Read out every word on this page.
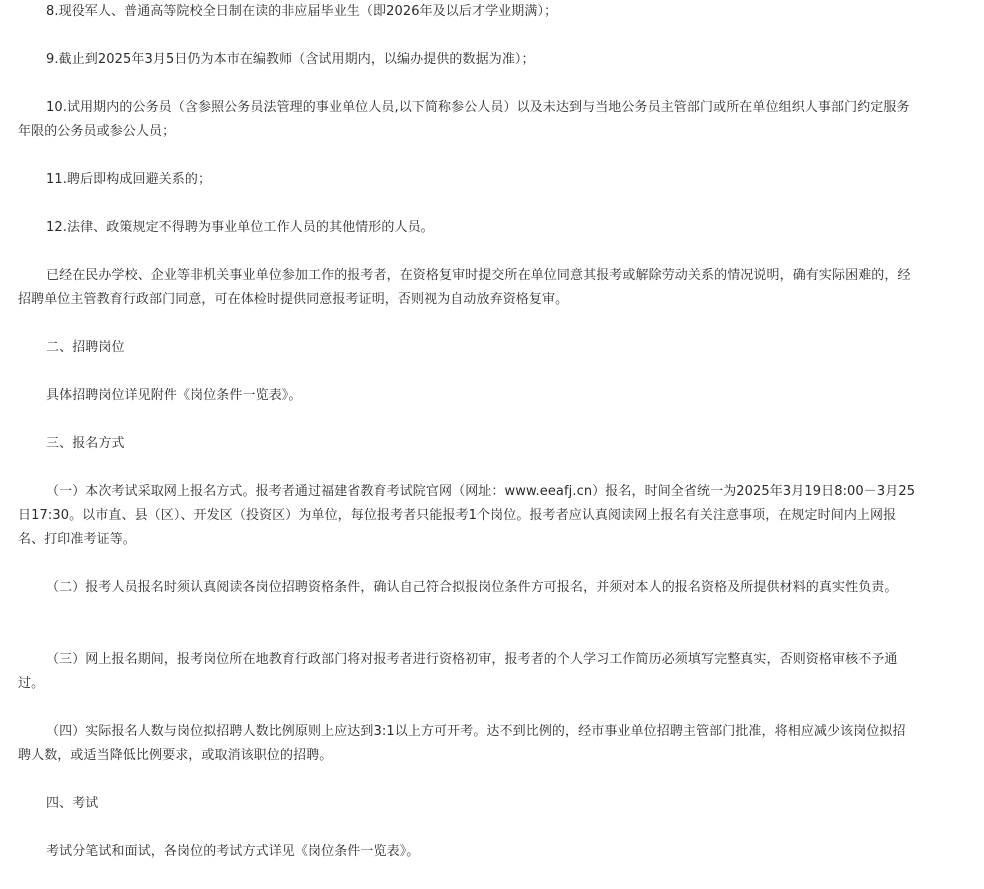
8.现役军人、普通高等院校全日制在读的非应届毕业生（即2026年及以后才学业期满）；

9.截止到2025年3月5日仍为本市在编教师（含试用期内，以编办提供的数据为准）；

10.试用期内的公务员（含参照公务员法管理的事业单位人员,以下简称参公人员）以及未达到与当地公务员主管部门或所在单位组织人事部门约定服务年限的公务员或参公人员；

11.聘后即构成回避关系的；

12.法律、政策规定不得聘为事业单位工作人员的其他情形的人员。

已经在民办学校、企业等非机关事业单位参加工作的报考者，在资格复审时提交所在单位同意其报考或解除劳动关系的情况说明，确有实际困难的，经招聘单位主管教育行政部门同意，可在体检时提供同意报考证明，否则视为自动放弃资格复审。

二、招聘岗位

具体招聘岗位详见附件《岗位条件一览表》。

三、报名方式

（一）本次考试采取网上报名方式。报考者通过福建省教育考试院官网（网址：www.eeafj.cn）报名，时间全省统一为2025年3月19日8:00－3月25日17:30。以市直、县（区）、开发区（投资区）为单位，每位报考者只能报考1个岗位。报考者应认真阅读网上报名有关注意事项，在规定时间内上网报名、打印准考证等。

（二）报考人员报名时须认真阅读各岗位招聘资格条件，确认自己符合拟报岗位条件方可报名，并须对本人的报名资格及所提供材料的真实性负责。

（三）网上报名期间，报考岗位所在地教育行政部门将对报考者进行资格初审，报考者的个人学习工作简历必须填写完整真实，否则资格审核不予通过。

（四）实际报名人数与岗位拟招聘人数比例原则上应达到3:1以上方可开考。达不到比例的，经市事业单位招聘主管部门批准，将相应减少该岗位拟招聘人数，或适当降低比例要求，或取消该职位的招聘。

四、考试

考试分笔试和面试，各岗位的考试方式详见《岗位条件一览表》。
